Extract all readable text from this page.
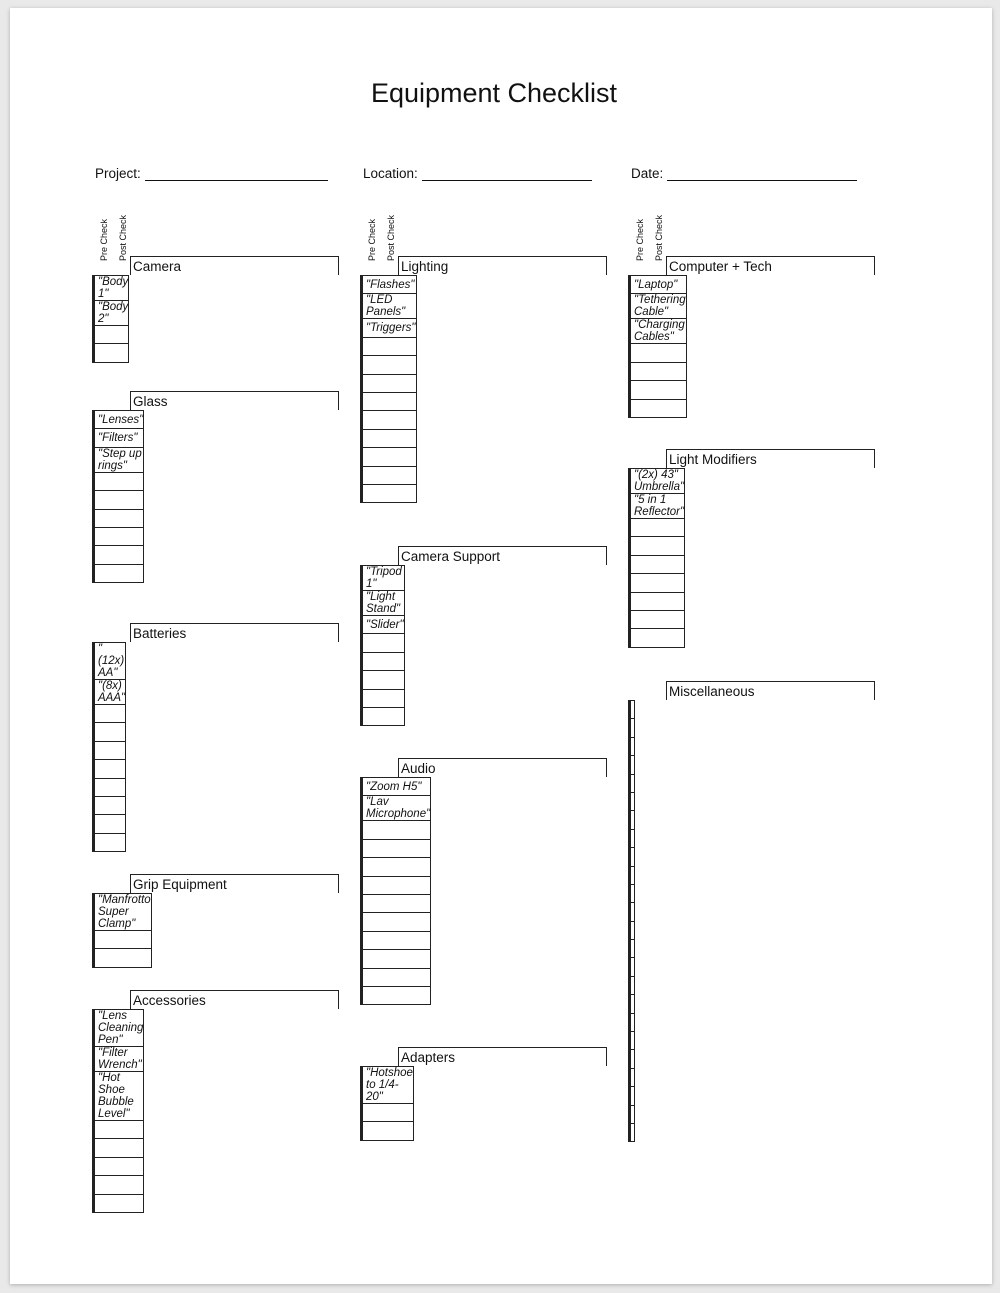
Equipment Checklist
Project:	Location:	Date:
Pre Check Post Check	Pre Check Post Check	Pre Check Post Check
Camera
		"Body 1"
		"Body 2"

Glass
		"Lenses"
		"Filters"
		"Step up rings"

Batteries
		"(12x) AA"
		"(8x) AAA"

Grip Equipment
		"Manfrotto Super Clamp"

Accessories
		"Lens Cleaning Pen"
		"Filter Wrench"
		"Hot Shoe Bubble Level"

Lighting
		"Flashes"
		"LED Panels"
		"Triggers"

Camera Support
		"Tripod 1"
		"Light Stand"
		"Slider"

Audio
		"Zoom H5"
		"Lav Microphone"

Adapters
		"Hotshoe to 1/4-20"

Computer + Tech
		"Laptop"
		"Tethering Cable"
		"Charging Cables"

Light Modifiers
		"(2x) 43" Umbrella"
		"5 in 1 Reflector"

Miscellaneous
